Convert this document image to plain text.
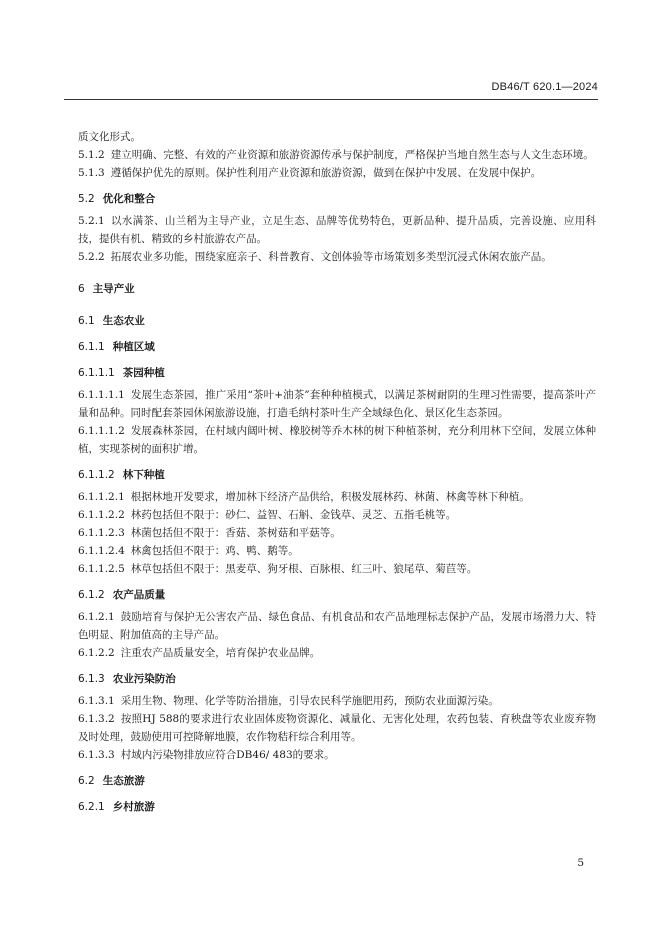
DB46/T 620.1—2024

质文化形式。

5.1.2 建立明确、完整、有效的产业资源和旅游资源传承与保护制度，严格保护当地自然生态与人文生态环境。

5.1.3 遵循保护优先的原则。保护性利用产业资源和旅游资源，做到在保护中发展、在发展中保护。

5.2 优化和整合

5.2.1 以水满茶、山兰稻为主导产业，立足生态、品牌等优势特色，更新品种、提升品质，完善设施、应用科技，提供有机、精致的乡村旅游农产品。

5.2.2 拓展农业多功能，围绕家庭亲子、科普教育、文创体验等市场策划多类型沉浸式休闲农旅产品。

6 主导产业

6.1 生态农业

6.1.1 种植区域

6.1.1.1 茶园种植

6.1.1.1.1 发展生态茶园，推广采用“茶叶+油茶”套种种植模式，以满足茶树耐阴的生理习性需要，提高茶叶产量和品种。同时配套茶园休闲旅游设施，打造毛纳村茶叶生产全域绿色化、景区化生态茶园。

6.1.1.1.2 发展森林茶园，在村域内阔叶树、橡胶树等乔木林的树下种植茶树，充分利用林下空间，发展立体种植，实现茶树的面积扩增。

6.1.1.2 林下种植

6.1.1.2.1 根据林地开发要求，增加林下经济产品供给，积极发展林药、林菌、林禽等林下种植。

6.1.1.2.2 林药包括但不限于：砂仁、益智、石斛、金钱草、灵芝、五指毛桃等。

6.1.1.2.3 林菌包括但不限于：香菇、茶树菇和平菇等。

6.1.1.2.4 林禽包括但不限于：鸡、鸭、鹅等。

6.1.1.2.5 林草包括但不限于：黑麦草、狗牙根、百脉根、红三叶、狼尾草、菊苣等。

6.1.2 农产品质量

6.1.2.1 鼓励培育与保护无公害农产品、绿色食品、有机食品和农产品地理标志保护产品，发展市场潜力大、特色明显、附加值高的主导产品。

6.1.2.2 注重农产品质量安全，培育保护农业品牌。

6.1.3 农业污染防治

6.1.3.1 采用生物、物理、化学等防治措施，引导农民科学施肥用药，预防农业面源污染。

6.1.3.2 按照HJ 588的要求进行农业固体废物资源化、减量化、无害化处理，农药包装、育秧盘等农业废弃物及时处理，鼓励使用可控降解地膜，农作物秸秆综合利用等。

6.1.3.3 村域内污染物排放应符合DB46/ 483的要求。

6.2 生态旅游

6.2.1 乡村旅游

5
